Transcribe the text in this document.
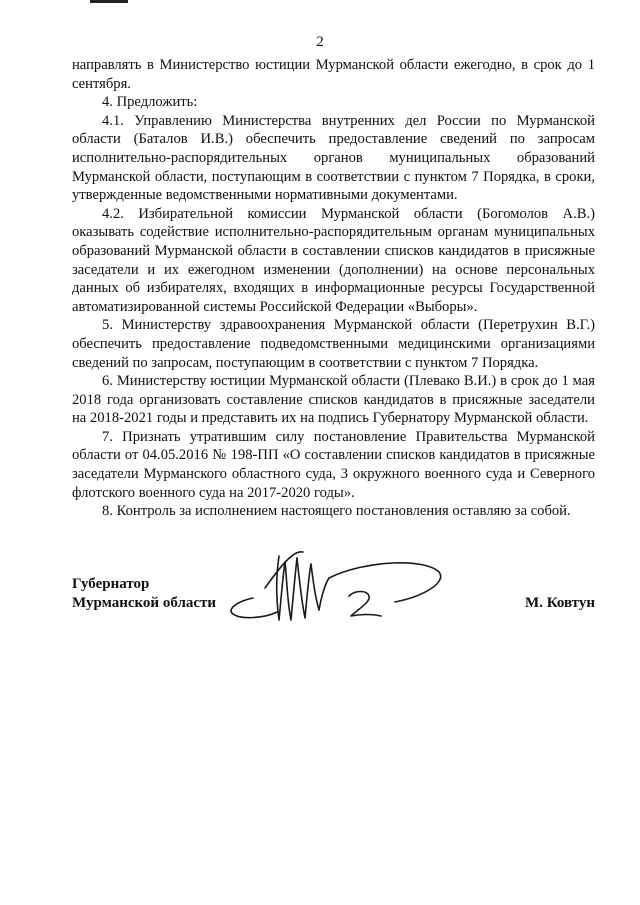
2

направлять в Министерство юстиции Мурманской области ежегодно, в срок до 1 сентября.

4. Предложить:

4.1. Управлению Министерства внутренних дел России по Мурманской области (Баталов И.В.) обеспечить предоставление сведений по запросам исполнительно-распорядительных органов муниципальных образований Мурманской области, поступающим в соответствии с пунктом 7 Порядка, в сроки, утвержденные ведомственными нормативными документами.

4.2. Избирательной комиссии Мурманской области (Богомолов А.В.) оказывать содействие исполнительно-распорядительным органам муниципальных образований Мурманской области в составлении списков кандидатов в присяжные заседатели и их ежегодном изменении (дополнении) на основе персональных данных об избирателях, входящих в информационные ресурсы Государственной автоматизированной системы Российской Федерации «Выборы».

5. Министерству здравоохранения Мурманской области (Перетрухин В.Г.) обеспечить предоставление подведомственными медицинскими организациями сведений по запросам, поступающим в соответствии с пунктом 7 Порядка.

6. Министерству юстиции Мурманской области (Плевако В.И.) в срок до 1 мая 2018 года организовать составление списков кандидатов в присяжные заседатели на 2018-2021 годы и представить их на подпись Губернатору Мурманской области.

7. Признать утратившим силу постановление Правительства Мурманской области от 04.05.2016 № 198-ПП «О составлении списков кандидатов в присяжные заседатели Мурманского областного суда, 3 окружного военного суда и Северного флотского военного суда на 2017-2020 годы».

8. Контроль за исполнением настоящего постановления оставляю за собой.

Губернатор
Мурманской области	М. Ковтун
